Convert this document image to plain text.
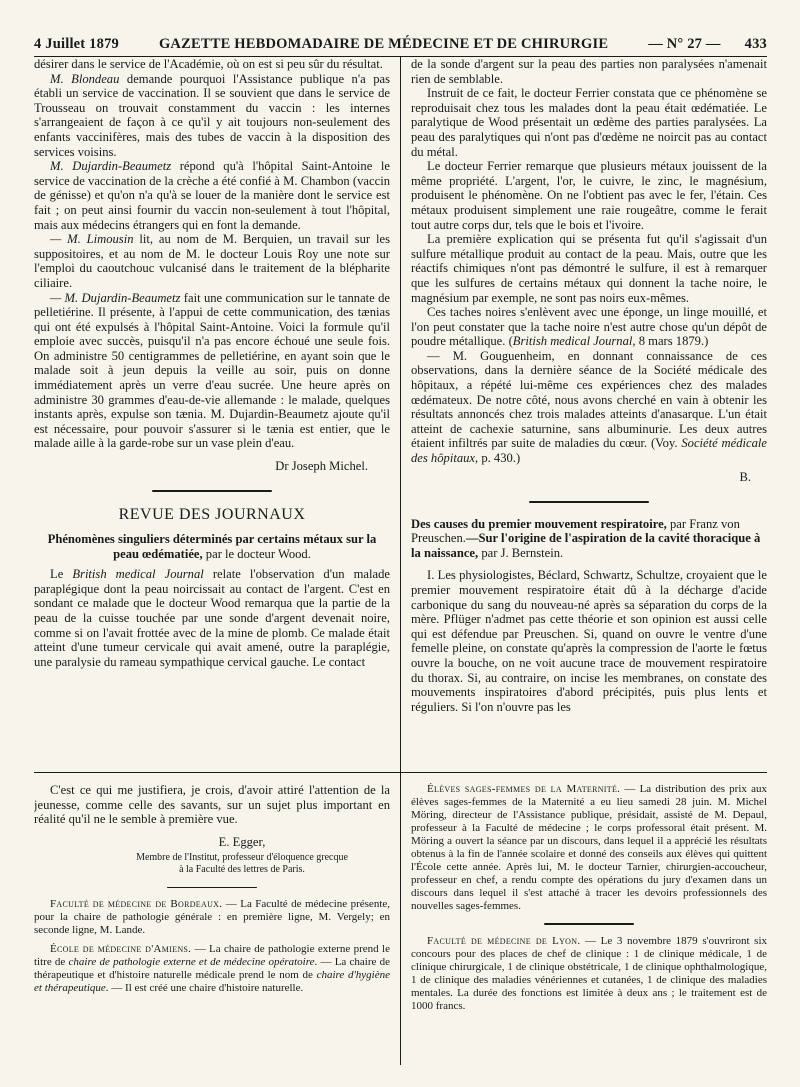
4 Juillet 1879	GAZETTE HEBDOMADAIRE DE MÉDECINE ET DE CHIRURGIE	— N° 27 — 433

désirer dans le service de l'Académie, où on est si peu sûr du résultat.

M. Blondeau demande pourquoi l'Assistance publique n'a pas établi un service de vaccination. Il se souvient que dans le service de Trousseau on trouvait constamment du vaccin : les internes s'arrangeaient de façon à ce qu'il y ait toujours non-seulement des enfants vaccinifères, mais des tubes de vaccin à la disposition des services voisins.

M. Dujardin-Beaumetz répond qu'à l'hôpital Saint-Antoine le service de vaccination de la crèche a été confié à M. Chambon (vaccin de génisse) et qu'on n'a qu'à se louer de la manière dont le service est fait ; on peut ainsi fournir du vaccin non-seulement à tout l'hôpital, mais aux médecins étrangers qui en font la demande.

— M. Limousin lit, au nom de M. Berquien, un travail sur les suppositoires, et au nom de M. le docteur Louis Roy une note sur l'emploi du caoutchouc vulcanisé dans le traitement de la blépharite ciliaire.

— M. Dujardin-Beaumetz fait une communication sur le tannate de pelletiérine. Il présente, à l'appui de cette communication, des tænias qui ont été expulsés à l'hôpital Saint-Antoine. Voici la formule qu'il emploie avec succès, puisqu'il n'a pas encore échoué une seule fois. On administre 50 centigrammes de pelletiérine, en ayant soin que le malade soit à jeun depuis la veille au soir, puis on donne immédiatement après un verre d'eau sucrée. Une heure après on administre 30 grammes d'eau-de-vie allemande : le malade, quelques instants après, expulse son tænia. M. Dujardin-Beaumetz ajoute qu'il est nécessaire, pour pouvoir s'assurer si le tænia est entier, que le malade aille à la garde-robe sur un vase plein d'eau.

Dr Joseph Michel.
REVUE DES JOURNAUX
Phénomènes singuliers déterminés par certains métaux sur la peau œdématiée, par le docteur Wood.

Le British medical Journal relate l'observation d'un malade paraplégique dont la peau noircissait au contact de l'argent. C'est en sondant ce malade que le docteur Wood remarqua que la partie de la peau de la cuisse touchée par une sonde d'argent devenait noire, comme si on l'avait frottée avec de la mine de plomb. Ce malade était atteint d'une tumeur cervicale qui avait amené, outre la paraplégie, une paralysie du rameau sympathique cervical gauche. Le contact

de la sonde d'argent sur la peau des parties non paralysées n'amenait rien de semblable.

Instruit de ce fait, le docteur Ferrier constata que ce phénomène se reproduisait chez tous les malades dont la peau était œdématiée. Le paralytique de Wood présentait un œdème des parties paralysées. La peau des paralytiques qui n'ont pas d'œdème ne noircit pas au contact du métal.

Le docteur Ferrier remarque que plusieurs métaux jouissent de la même propriété. L'argent, l'or, le cuivre, le zinc, le magnésium, produisent le phénomène. On ne l'obtient pas avec le fer, l'étain. Ces métaux produisent simplement une raie rougeâtre, comme le ferait tout autre corps dur, tels que le bois et l'ivoire.

La première explication qui se présenta fut qu'il s'agissait d'un sulfure métallique produit au contact de la peau. Mais, outre que les réactifs chimiques n'ont pas démontré le sulfure, il est à remarquer que les sulfures de certains métaux qui donnent la tache noire, le magnésium par exemple, ne sont pas noirs eux-mêmes.

Ces taches noires s'enlèvent avec une éponge, un linge mouillé, et l'on peut constater que la tache noire n'est autre chose qu'un dépôt de poudre métallique. (British medical Journal, 8 mars 1879.)

— M. Gouguenheim, en donnant connaissance de ces observations, dans la dernière séance de la Société médicale des hôpitaux, a répété lui-même ces expériences chez des malades œdémateux. De notre côté, nous avons cherché en vain à obtenir les résultats annoncés chez trois malades atteints d'anasarque. L'un était atteint de cachexie saturnine, sans albuminurie. Les deux autres étaient infiltrés par suite de maladies du cœur. (Voy. Société médicale des hôpitaux, p. 430.)

B.
Des causes du premier mouvement respiratoire, par Franz von Preuschen.—Sur l'origine de l'aspiration de la cavité thoracique à la naissance, par J. Bernstein.

I. Les physiologistes, Béclard, Schwartz, Schultze, croyaient que le premier mouvement respiratoire était dû à la décharge d'acide carbonique du sang du nouveau-né après sa séparation du corps de la mère. Pflüger n'admet pas cette théorie et son opinion est aussi celle qui est défendue par Preuschen. Si, quand on ouvre le ventre d'une femelle pleine, on constate qu'après la compression de l'aorte le fœtus ouvre la bouche, on ne voit aucune trace de mouvement respiratoire du thorax. Si, au contraire, on incise les membranes, on constate des mouvements inspiratoires d'abord précipités, puis plus lents et réguliers. Si l'on n'ouvre pas les

C'est ce qui me justifiera, je crois, d'avoir attiré l'attention de la jeunesse, comme celle des savants, sur un sujet plus important en réalité qu'il ne le semble à première vue.

E. Egger,
Membre de l'Institut, professeur d'éloquence grecque
à la Faculté des lettres de Paris.

Faculté de médecine de Bordeaux. — La Faculté de médecine présente, pour la chaire de pathologie générale : en première ligne, M. Vergely; en seconde ligne, M. Lande.

École de médecine d'Amiens. — La chaire de pathologie externe prend le titre de chaire de pathologie externe et de médecine opératoire. — La chaire de thérapeutique et d'histoire naturelle médicale prend le nom de chaire d'hygiène et thérapeutique. — Il est créé une chaire d'histoire naturelle.

Élèves sages-femmes de la Maternité. — La distribution des prix aux élèves sages-femmes de la Maternité a eu lieu samedi 28 juin. M. Michel Möring, directeur de l'Assistance publique, présidait, assisté de M. Depaul, professeur à la Faculté de médecine ; le corps professoral était présent. M. Möring a ouvert la séance par un discours, dans lequel il a apprécié les résultats obtenus à la fin de l'année scolaire et donné des conseils aux élèves qui quittent l'École cette année. Après lui, M. le docteur Tarnier, chirurgien-accoucheur, professeur en chef, a rendu compte des opérations du jury d'examen dans un discours dans lequel il s'est attaché à tracer les devoirs professionnels des nouvelles sages-femmes.

Faculté de médecine de Lyon. — Le 3 novembre 1879 s'ouvriront six concours pour des places de chef de clinique : 1 de clinique médicale, 1 de clinique chirurgicale, 1 de clinique obstétricale, 1 de clinique ophthalmologique, 1 de clinique des maladies vénériennes et cutanées, 1 de clinique des maladies mentales. La durée des fonctions est limitée à deux ans ; le traitement est de 1000 francs.
